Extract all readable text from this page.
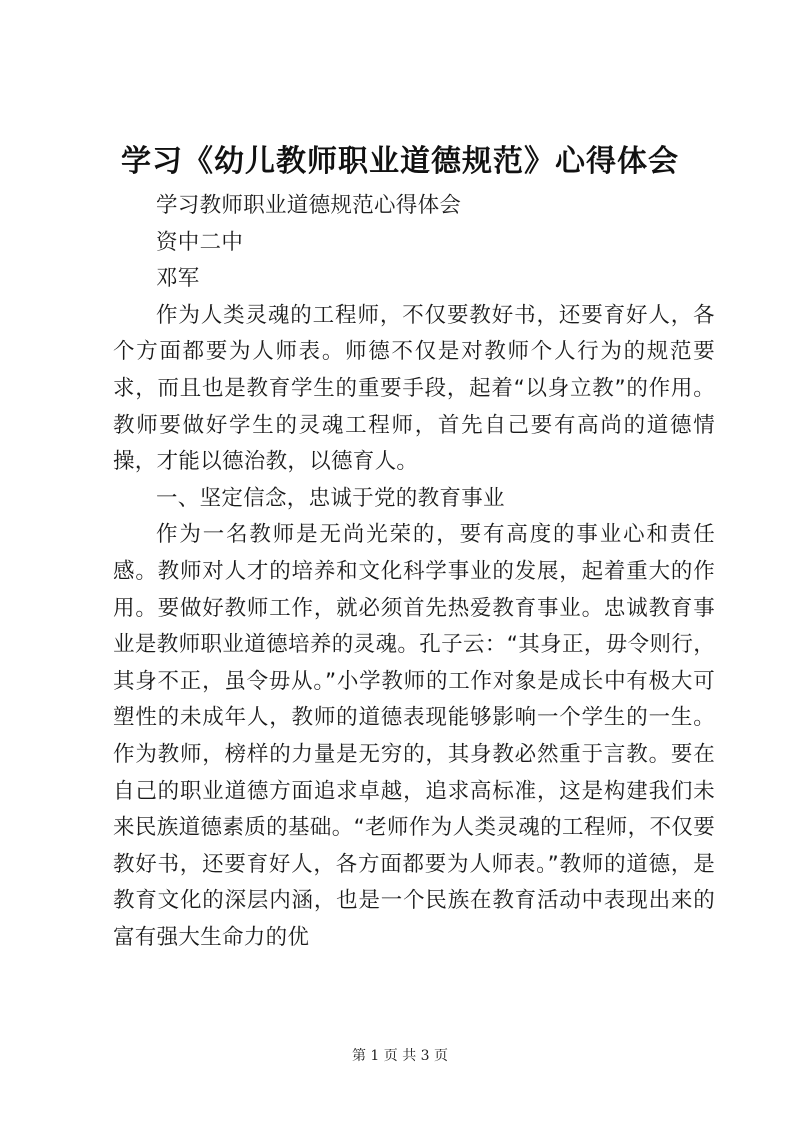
学习《幼儿教师职业道德规范》心得体会

学习教师职业道德规范心得体会

资中二中

邓军

作为人类灵魂的工程师，不仅要教好书，还要育好人，各个方面都要为人师表。师德不仅是对教师个人行为的规范要求，而且也是教育学生的重要手段，起着“以身立教”的作用。教师要做好学生的灵魂工程师，首先自己要有高尚的道德情操，才能以德治教，以德育人。

一、坚定信念，忠诚于党的教育事业

作为一名教师是无尚光荣的，要有高度的事业心和责任感。教师对人才的培养和文化科学事业的发展，起着重大的作用。要做好教师工作，就必须首先热爱教育事业。忠诚教育事业是教师职业道德培养的灵魂。孔子云：“其身正，毋令则行，其身不正，虽令毋从。”小学教师的工作对象是成长中有极大可塑性的未成年人，教师的道德表现能够影响一个学生的一生。作为教师，榜样的力量是无穷的，其身教必然重于言教。要在自己的职业道德方面追求卓越，追求高标准，这是构建我们未来民族道德素质的基础。“老师作为人类灵魂的工程师，不仅要教好书，还要育好人，各方面都要为人师表。”教师的道德，是教育文化的深层内涵，也是一个民族在教育活动中表现出来的富有强大生命力的优

第 1 页 共 3 页
